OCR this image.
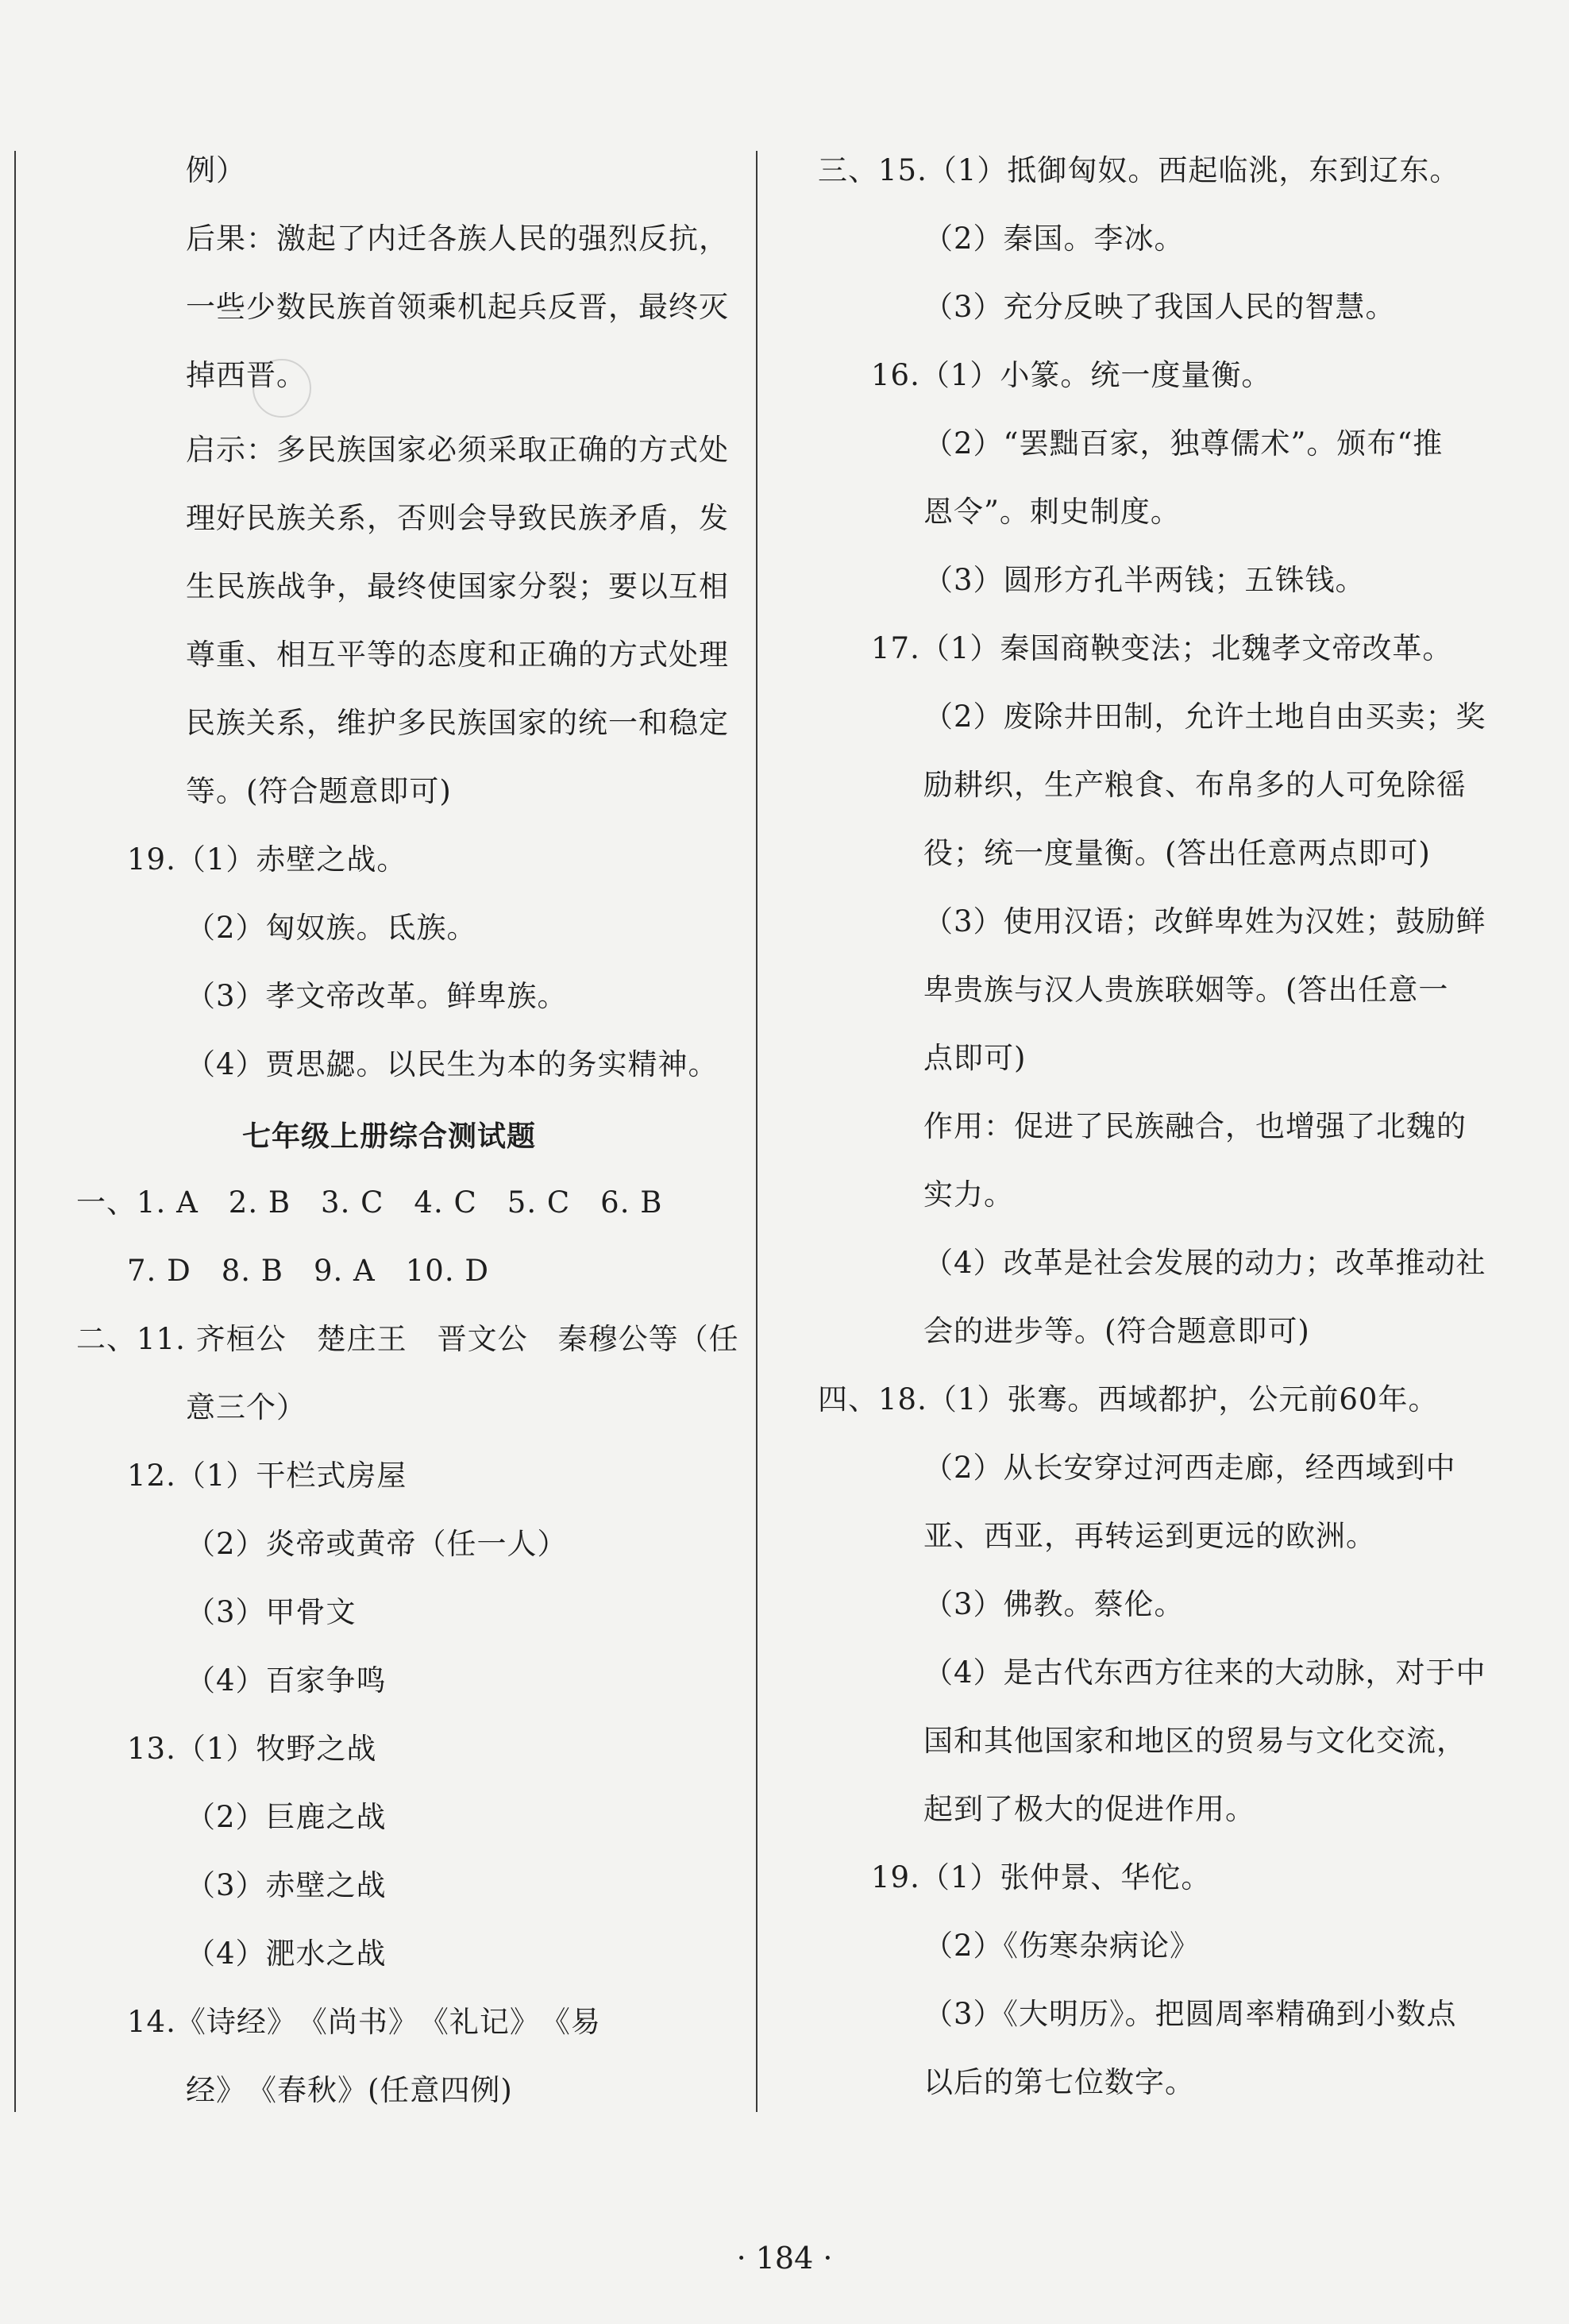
例）
后果：激起了内迁各族人民的强烈反抗，
一些少数民族首领乘机起兵反晋，最终灭
掉西晋。
启示：多民族国家必须采取正确的方式处
理好民族关系，否则会导致民族矛盾，发
生民族战争，最终使国家分裂；要以互相
尊重、相互平等的态度和正确的方式处理
民族关系，维护多民族国家的统一和稳定
等。(符合题意即可)
19.（1）赤壁之战。
（2）匈奴族。氐族。
（3）孝文帝改革。鲜卑族。
（4）贾思勰。以民生为本的务实精神。
七年级上册综合测试题
一、1. A　2. B　3. C　4. C　5. C　6. B
7. D　8. B　9. A　10. D
二、11. 齐桓公　楚庄王　晋文公　秦穆公等（任
意三个）
12.（1）干栏式房屋
（2）炎帝或黄帝（任一人）
（3）甲骨文
（4）百家争鸣
13.（1）牧野之战
（2）巨鹿之战
（3）赤壁之战
（4）淝水之战
14.《诗经》　《尚书》　《礼记》　《易
经》　《春秋》(任意四例)
三、15.（1）抵御匈奴。西起临洮，东到辽东。
（2）秦国。李冰。
（3）充分反映了我国人民的智慧。
16.（1）小篆。统一度量衡。
（2）“罢黜百家，独尊儒术”。颁布“推
恩令”。刺史制度。
（3）圆形方孔半两钱；五铢钱。
17.（1）秦国商鞅变法；北魏孝文帝改革。
（2）废除井田制，允许土地自由买卖；奖
励耕织，生产粮食、布帛多的人可免除徭
役；统一度量衡。(答出任意两点即可)
（3）使用汉语；改鲜卑姓为汉姓；鼓励鲜
卑贵族与汉人贵族联姻等。(答出任意一
点即可)
作用：促进了民族融合，也增强了北魏的
实力。
（4）改革是社会发展的动力；改革推动社
会的进步等。(符合题意即可)
四、18.（1）张骞。西域都护，公元前60年。
（2）从长安穿过河西走廊，经西域到中
亚、西亚，再转运到更远的欧洲。
（3）佛教。蔡伦。
（4）是古代东西方往来的大动脉，对于中
国和其他国家和地区的贸易与文化交流，
起到了极大的促进作用。
19.（1）张仲景、华佗。
（2）《伤寒杂病论》
（3）《大明历》。把圆周率精确到小数点
以后的第七位数字。
· 184 ·
